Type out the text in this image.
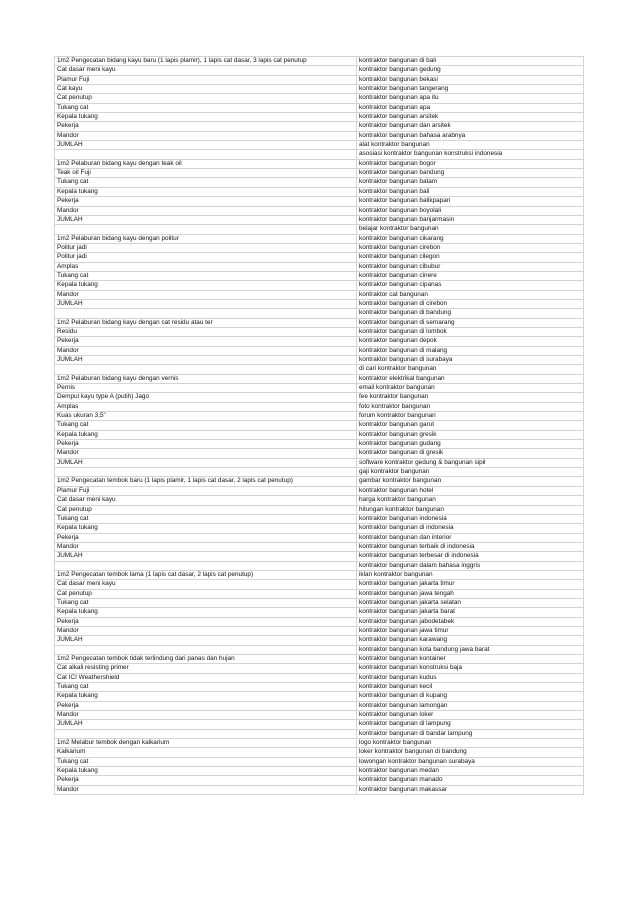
1m2 Pengecatan bidang kayu baru (1 lapis plamir), 1 lapis cat dasar, 3 lapis cat penutup	kontraktor bangunan di bali
Cat dasar meni kayu	kontraktor bangunan gedung
Plamur Fuji	kontraktor bangunan bekasi
Cat kayu	kontraktor bangunan tangerang
Cat penutup	kontraktor bangunan apa itu
Tukang cat	kontraktor bangunan apa
Kepala tukang	kontraktor bangunan arsitek
Pekerja	kontraktor bangunan dan arsitek
Mandor	kontraktor bangunan bahasa arabnya
JUMLAH	alat kontraktor bangunan
	asosiasi kontraktor bangunan konstruksi indonesia
1m2 Pelaburan bidang kayu dengan teak oil	kontraktor bangunan bogor
Teak oil Fuji	kontraktor bangunan bandung
Tukang cat	kontraktor bangunan batam
Kepala tukang	kontraktor bangunan bali
Pekerja	kontraktor bangunan balikpapan
Mandor	kontraktor bangunan boyolali
JUMLAH	kontraktor bangunan banjarmasin
	belajar kontraktor bangunan
1m2 Pelaburan bidang kayu dengan politur	kontraktor bangunan cikarang
Politur jadi	kontraktor bangunan cirebon
Politur jadi	kontraktor bangunan cilegon
Amplas	kontraktor bangunan cibubur
Tukang cat	kontraktor bangunan cinere
Kepala tukang	kontraktor bangunan cipanas
Mandor	kontraktor cat bangunan
JUMLAH	kontraktor bangunan di cirebon
	kontraktor bangunan di bandung
1m2 Pelaburan bidang kayu dengan cat residu atau ter	kontraktor bangunan di semarang
Residu	kontraktor bangunan di lombok
Pekerja	kontraktor bangunan depok
Mandor	kontraktor bangunan di malang
JUMLAH	kontraktor bangunan di surabaya
	di cari kontraktor bangunan
1m2 Pelaburan bidang kayu dengan vernis	kontraktor elektrikal bangunan
Pernis	email kontraktor bangunan
Dempul kayu type A (putih) Jago	fee kontraktor bangunan
Amplas	foto kontraktor bangunan
Kuas ukuran 3,5"	forum kontraktor bangunan
Tukang cat	kontraktor bangunan garut
Kepala tukang	kontraktor bangunan gresik
Pekerja	kontraktor bangunan gudang
Mandor	kontraktor bangunan di gresik
JUMLAH	software kontraktor gedung & bangunan sipil
	gaji kontraktor bangunan
1m2 Pengecatan tembok baru (1 lapis plamir, 1 lapis cat dasar, 2 lapis cat penutup)	gambar kontraktor bangunan
Plamur Fuji	kontraktor bangunan hotel
Cat dasar meni kayu	harga kontraktor bangunan
Cat penutup	hitungan kontraktor bangunan
Tukang cat	kontraktor bangunan indonesia
Kepala tukang	kontraktor bangunan di indonesia
Pekerja	kontraktor bangunan dan interior
Mandor	kontraktor bangunan terbaik di indonesia
JUMLAH	kontraktor bangunan terbesar di indonesia
	kontraktor bangunan dalam bahasa inggris
1m2 Pengecatan tembok lama (1 lapis cat dasar, 2 lapis cat penutup)	iklan kontraktor bangunan
Cat dasar meni kayu	kontraktor bangunan jakarta timur
Cat penutup	kontraktor bangunan jawa tengah
Tukang cat	kontraktor bangunan jakarta selatan
Kepala tukang	kontraktor bangunan jakarta barat
Pekerja	kontraktor bangunan jabodetabek
Mandor	kontraktor bangunan jawa timur
JUMLAH	kontraktor bangunan karawang
	kontraktor bangunan kota bandung jawa barat
1m2 Pengecatan tembok tidak terlindung dari panas dan hujan	kontraktor bangunan kontainer
Cat alkali resisting primer	kontraktor bangunan konstruksi baja
Cat ICI Weathershield	kontraktor bangunan kudus
Tukang cat	kontraktor bangunan kecil
Kepala tukang	kontraktor bangunan di kupang
Pekerja	kontraktor bangunan lamongan
Mandor	kontraktor bangunan loker
JUMLAH	kontraktor bangunan di lampung
	kontraktor bangunan di bandar lampung
1m2 Melabur tembok dengan kalkarium	logo kontraktor bangunan
Kalkarium	loker kontraktor bangunan di bandung
Tukang cat	lowongan kontraktor bangunan surabaya
Kepala tukang	kontraktor bangunan medan
Pekerja	kontraktor bangunan manado
Mandor	kontraktor bangunan makassar
